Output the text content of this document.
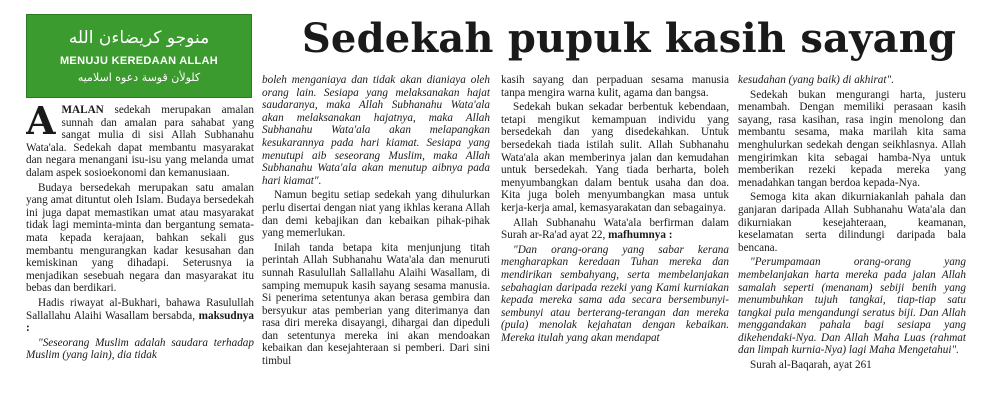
منوجو كريضاءن الله
MENUJU KEREDAAN ALLAH
كلولأن قوسة دعوه اسلاميه
Sedekah pupuk kasih sayang

AMALAN sedekah merupakan amalan sunnah dan amalan para sahabat yang sangat mulia di sisi Allah Subhanahu Wata'ala. Sedekah dapat membantu masyarakat dan negara menangani isu-isu yang melanda umat dalam aspek sosioekonomi dan kemanusiaan.

Budaya bersedekah merupakan satu amalan yang amat dituntut oleh Islam. Budaya bersedekah ini juga dapat memastikan umat atau masyarakat tidak lagi meminta-minta dan bergantung semata-mata kepada kerajaan, bahkan sekali gus membantu mengurangkan kadar kesusahan dan kemiskinan yang dihadapi. Seterusnya ia menjadikan sesebuah negara dan masyarakat itu bebas dan berdikari.

Hadis riwayat al-Bukhari, bahawa Rasulullah Sallallahu Alaihi Wasallam bersabda, maksudnya :

"Seseorang Muslim adalah saudara terhadap Muslim (yang lain), dia tidak

boleh menganiaya dan tidak akan dianiaya oleh orang lain. Sesiapa yang melaksanakan hajat saudaranya, maka Allah Subhanahu Wata'ala akan melaksanakan hajatnya, maka Allah Subhanahu Wata'ala akan melapangkan kesukarannya pada hari kiamat. Sesiapa yang menutupi aib seseorang Muslim, maka Allah Subhanahu Wata'ala akan menutup aibnya pada hari kiamat".

Namun begitu setiap sedekah yang dihulurkan perlu disertai dengan niat yang ikhlas kerana Allah dan demi kebajikan dan kebaikan pihak-pihak yang memerlukan.

Inilah tanda betapa kita menjunjung titah perintah Allah Subhanahu Wata'ala dan menuruti sunnah Rasulullah Sallallahu Alaihi Wasallam, di samping memupuk kasih sayang sesama manusia. Si penerima setentunya akan berasa gembira dan bersyukur atas pemberian yang diterimanya dan rasa diri mereka disayangi, dihargai dan dipeduli dan setentunya mereka ini akan mendoakan kebaikan dan kesejahteraan si pemberi. Dari sini timbul

kasih sayang dan perpaduan sesama manusia tanpa mengira warna kulit, agama dan bangsa.

Sedekah bukan sekadar berbentuk kebendaan, tetapi mengikut kemampuan individu yang bersedekah dan yang disedekahkan. Untuk bersedekah tiada istilah sulit. Allah Subhanahu Wata'ala akan memberinya jalan dan kemudahan untuk bersedekah. Yang tiada berharta, boleh menyumbangkan dalam bentuk usaha dan doa. Kita juga boleh menyumbangkan masa untuk kerja-kerja amal, kemasyarakatan dan sebagainya.

Allah Subhanahu Wata'ala berfirman dalam Surah ar-Ra'ad ayat 22, mafhumnya :

"Dan orang-orang yang sabar kerana mengharapkan keredaan Tuhan mereka dan mendirikan sembahyang, serta membelanjakan sebahagian daripada rezeki yang Kami kurniakan kepada mereka sama ada secara bersembunyi-sembunyi atau berterang-terangan dan mereka (pula) menolak kejahatan dengan kebaikan. Mereka itulah yang akan mendapat

kesudahan (yang baik) di akhirat".

Sedekah bukan mengurangi harta, justeru menambah. Dengan memiliki perasaan kasih sayang, rasa kasihan, rasa ingin menolong dan membantu sesama, maka marilah kita sama menghulurkan sedekah dengan seikhlasnya. Allah mengirimkan kita sebagai hamba-Nya untuk memberikan rezeki kepada mereka yang menadahkan tangan berdoa kepada-Nya.

Semoga kita akan dikurniakanlah pahala dan ganjaran daripada Allah Subhanahu Wata'ala dan dikurniakan kesejahteraan, keamanan, keselamatan serta dilindungi daripada bala bencana.

"Perumpamaan orang-orang yang membelanjakan harta mereka pada jalan Allah samalah seperti (menanam) sebiji benih yang menumbuhkan tujuh tangkai, tiap-tiap satu tangkai pula mengandungi seratus biji. Dan Allah menggandakan pahala bagi sesiapa yang dikehendaki-Nya. Dan Allah Maha Luas (rahmat dan limpah kurnia-Nya) lagi Maha Mengetahui".

Surah al-Baqarah, ayat 261
